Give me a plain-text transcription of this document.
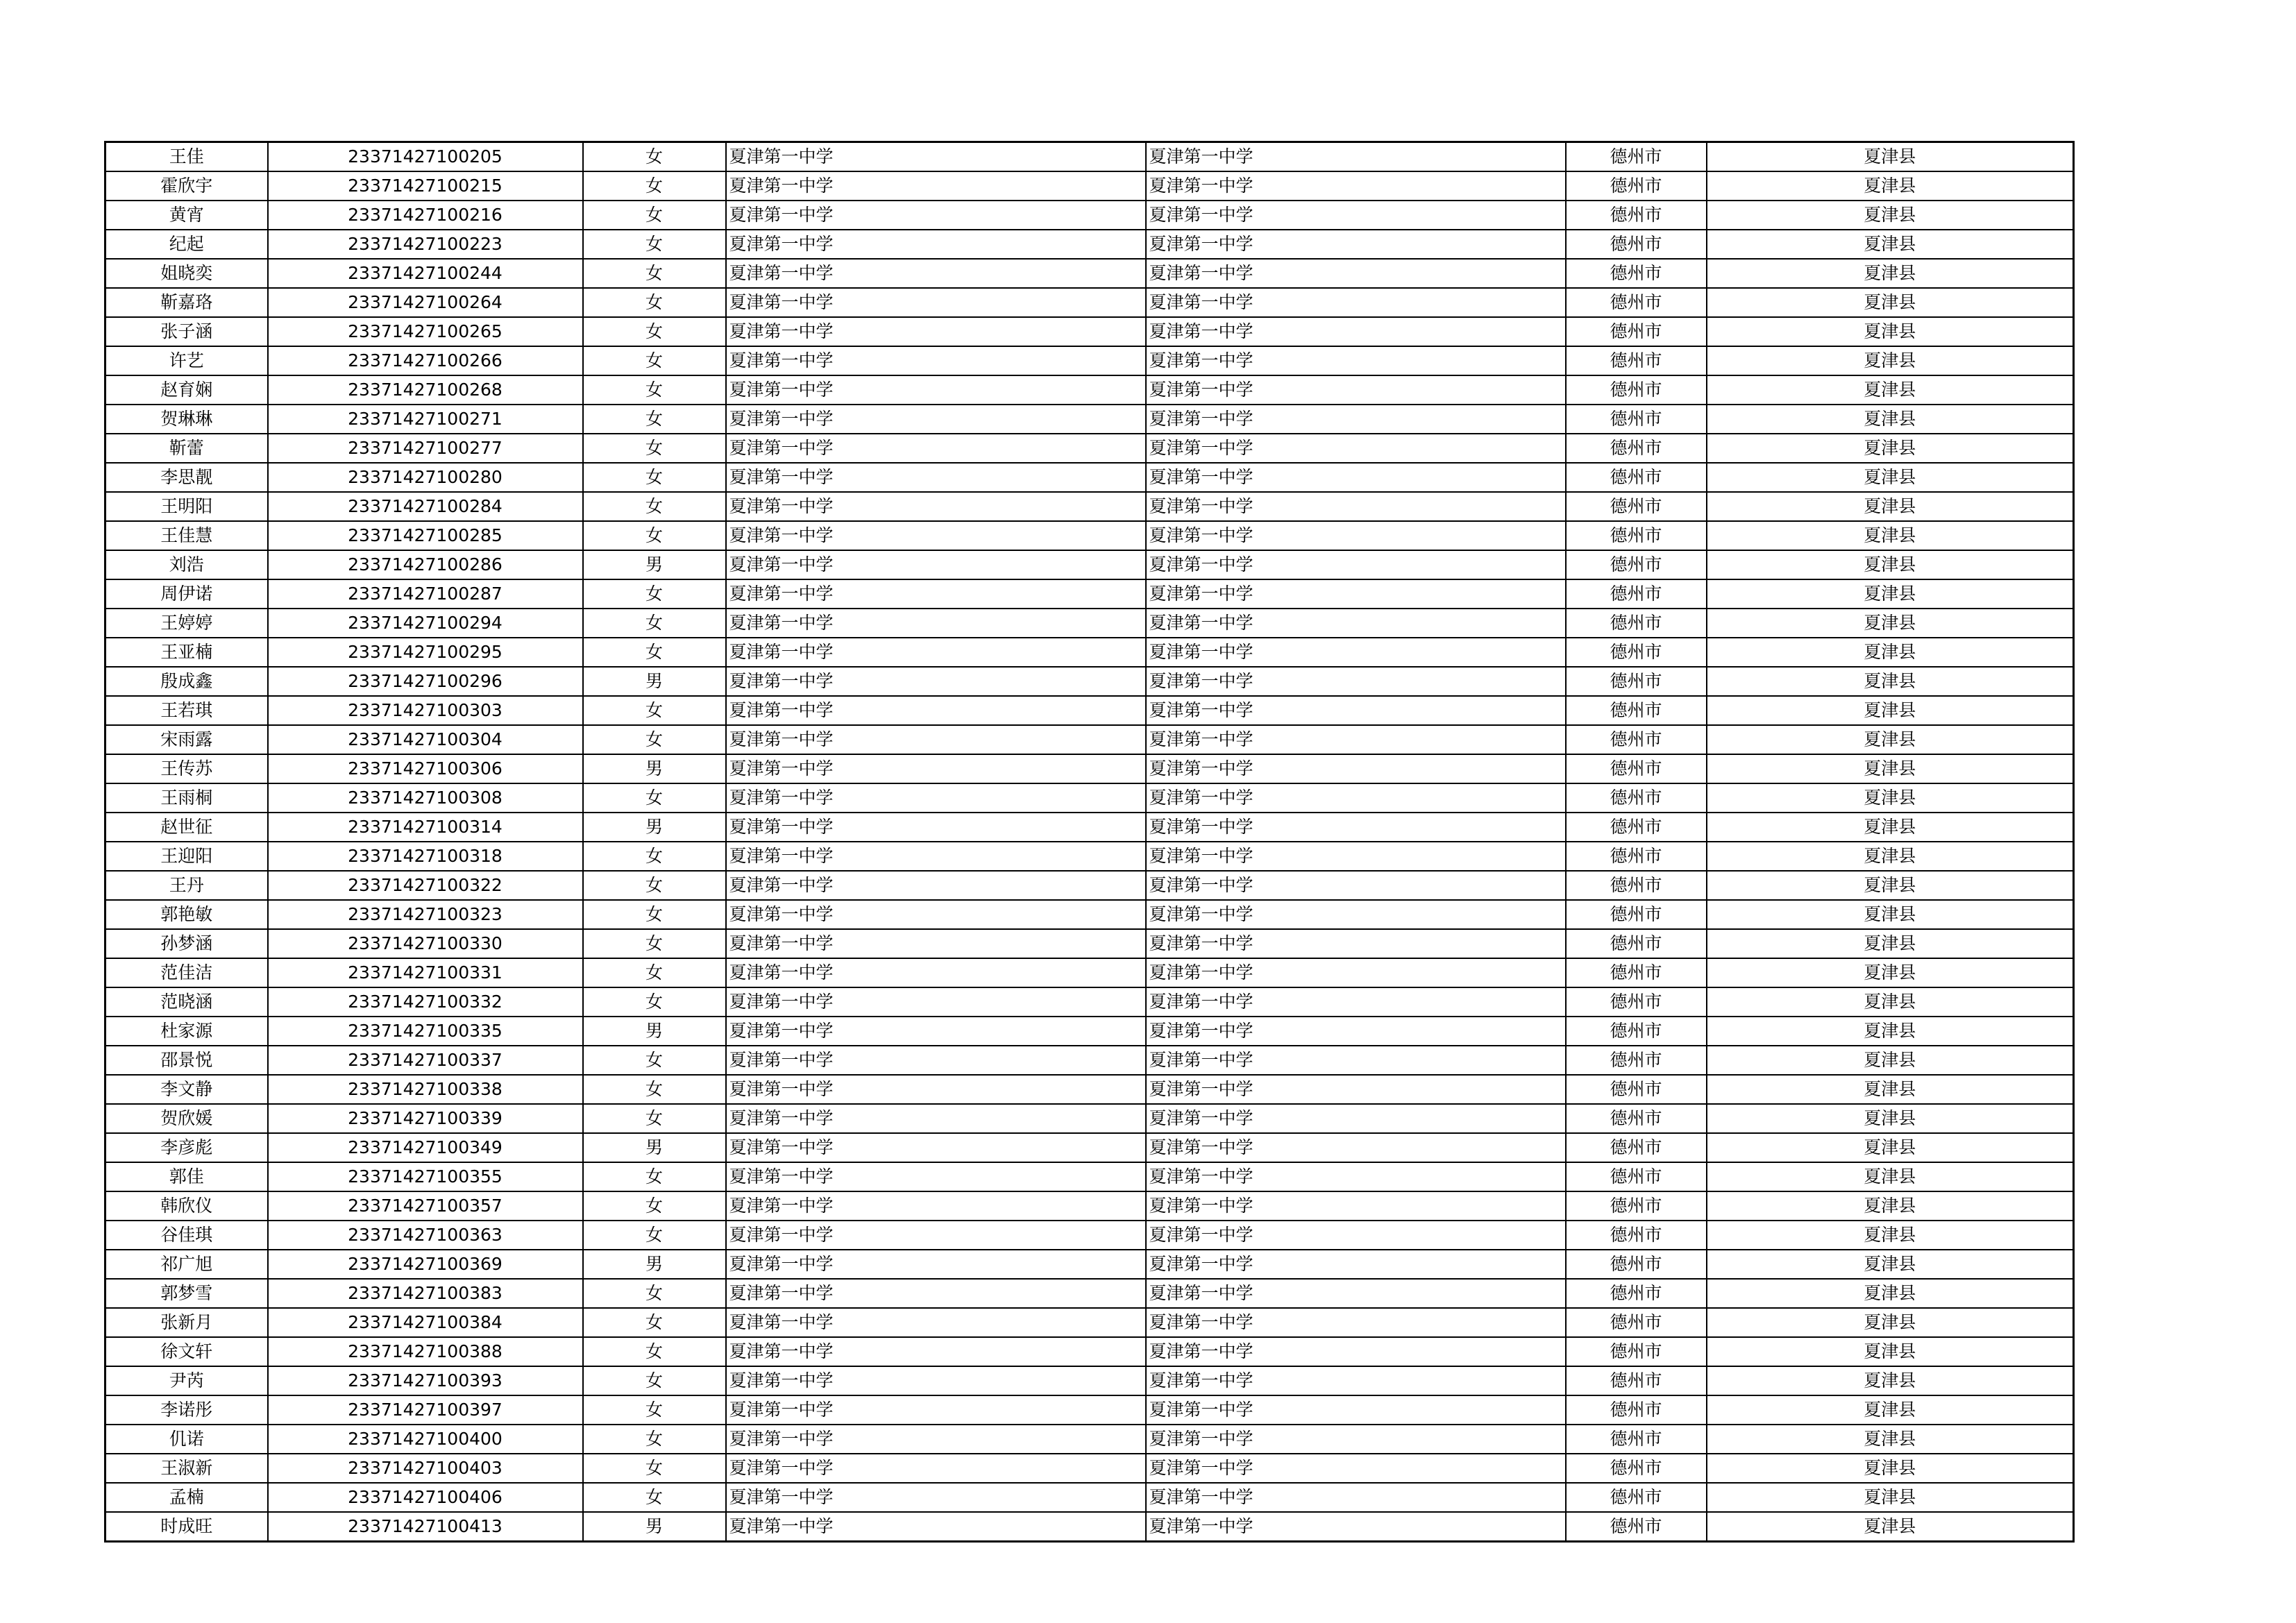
王佳	23371427100205	女	夏津第一中学	夏津第一中学	德州市	夏津县
霍欣宇	23371427100215	女	夏津第一中学	夏津第一中学	德州市	夏津县
黄宵	23371427100216	女	夏津第一中学	夏津第一中学	德州市	夏津县
纪起	23371427100223	女	夏津第一中学	夏津第一中学	德州市	夏津县
姐晓奕	23371427100244	女	夏津第一中学	夏津第一中学	德州市	夏津县
靳嘉珞	23371427100264	女	夏津第一中学	夏津第一中学	德州市	夏津县
张子涵	23371427100265	女	夏津第一中学	夏津第一中学	德州市	夏津县
许艺	23371427100266	女	夏津第一中学	夏津第一中学	德州市	夏津县
赵育娴	23371427100268	女	夏津第一中学	夏津第一中学	德州市	夏津县
贺琳琳	23371427100271	女	夏津第一中学	夏津第一中学	德州市	夏津县
靳蕾	23371427100277	女	夏津第一中学	夏津第一中学	德州市	夏津县
李思靓	23371427100280	女	夏津第一中学	夏津第一中学	德州市	夏津县
王明阳	23371427100284	女	夏津第一中学	夏津第一中学	德州市	夏津县
王佳慧	23371427100285	女	夏津第一中学	夏津第一中学	德州市	夏津县
刘浩	23371427100286	男	夏津第一中学	夏津第一中学	德州市	夏津县
周伊诺	23371427100287	女	夏津第一中学	夏津第一中学	德州市	夏津县
王婷婷	23371427100294	女	夏津第一中学	夏津第一中学	德州市	夏津县
王亚楠	23371427100295	女	夏津第一中学	夏津第一中学	德州市	夏津县
殷成鑫	23371427100296	男	夏津第一中学	夏津第一中学	德州市	夏津县
王若琪	23371427100303	女	夏津第一中学	夏津第一中学	德州市	夏津县
宋雨露	23371427100304	女	夏津第一中学	夏津第一中学	德州市	夏津县
王传苏	23371427100306	男	夏津第一中学	夏津第一中学	德州市	夏津县
王雨桐	23371427100308	女	夏津第一中学	夏津第一中学	德州市	夏津县
赵世征	23371427100314	男	夏津第一中学	夏津第一中学	德州市	夏津县
王迎阳	23371427100318	女	夏津第一中学	夏津第一中学	德州市	夏津县
王丹	23371427100322	女	夏津第一中学	夏津第一中学	德州市	夏津县
郭艳敏	23371427100323	女	夏津第一中学	夏津第一中学	德州市	夏津县
孙梦涵	23371427100330	女	夏津第一中学	夏津第一中学	德州市	夏津县
范佳洁	23371427100331	女	夏津第一中学	夏津第一中学	德州市	夏津县
范晓涵	23371427100332	女	夏津第一中学	夏津第一中学	德州市	夏津县
杜家源	23371427100335	男	夏津第一中学	夏津第一中学	德州市	夏津县
邵景悦	23371427100337	女	夏津第一中学	夏津第一中学	德州市	夏津县
李文静	23371427100338	女	夏津第一中学	夏津第一中学	德州市	夏津县
贺欣媛	23371427100339	女	夏津第一中学	夏津第一中学	德州市	夏津县
李彦彪	23371427100349	男	夏津第一中学	夏津第一中学	德州市	夏津县
郭佳	23371427100355	女	夏津第一中学	夏津第一中学	德州市	夏津县
韩欣仪	23371427100357	女	夏津第一中学	夏津第一中学	德州市	夏津县
谷佳琪	23371427100363	女	夏津第一中学	夏津第一中学	德州市	夏津县
祁广旭	23371427100369	男	夏津第一中学	夏津第一中学	德州市	夏津县
郭梦雪	23371427100383	女	夏津第一中学	夏津第一中学	德州市	夏津县
张新月	23371427100384	女	夏津第一中学	夏津第一中学	德州市	夏津县
徐文轩	23371427100388	女	夏津第一中学	夏津第一中学	德州市	夏津县
尹芮	23371427100393	女	夏津第一中学	夏津第一中学	德州市	夏津县
李诺彤	23371427100397	女	夏津第一中学	夏津第一中学	德州市	夏津县
仉诺	23371427100400	女	夏津第一中学	夏津第一中学	德州市	夏津县
王淑新	23371427100403	女	夏津第一中学	夏津第一中学	德州市	夏津县
孟楠	23371427100406	女	夏津第一中学	夏津第一中学	德州市	夏津县
时成旺	23371427100413	男	夏津第一中学	夏津第一中学	德州市	夏津县
